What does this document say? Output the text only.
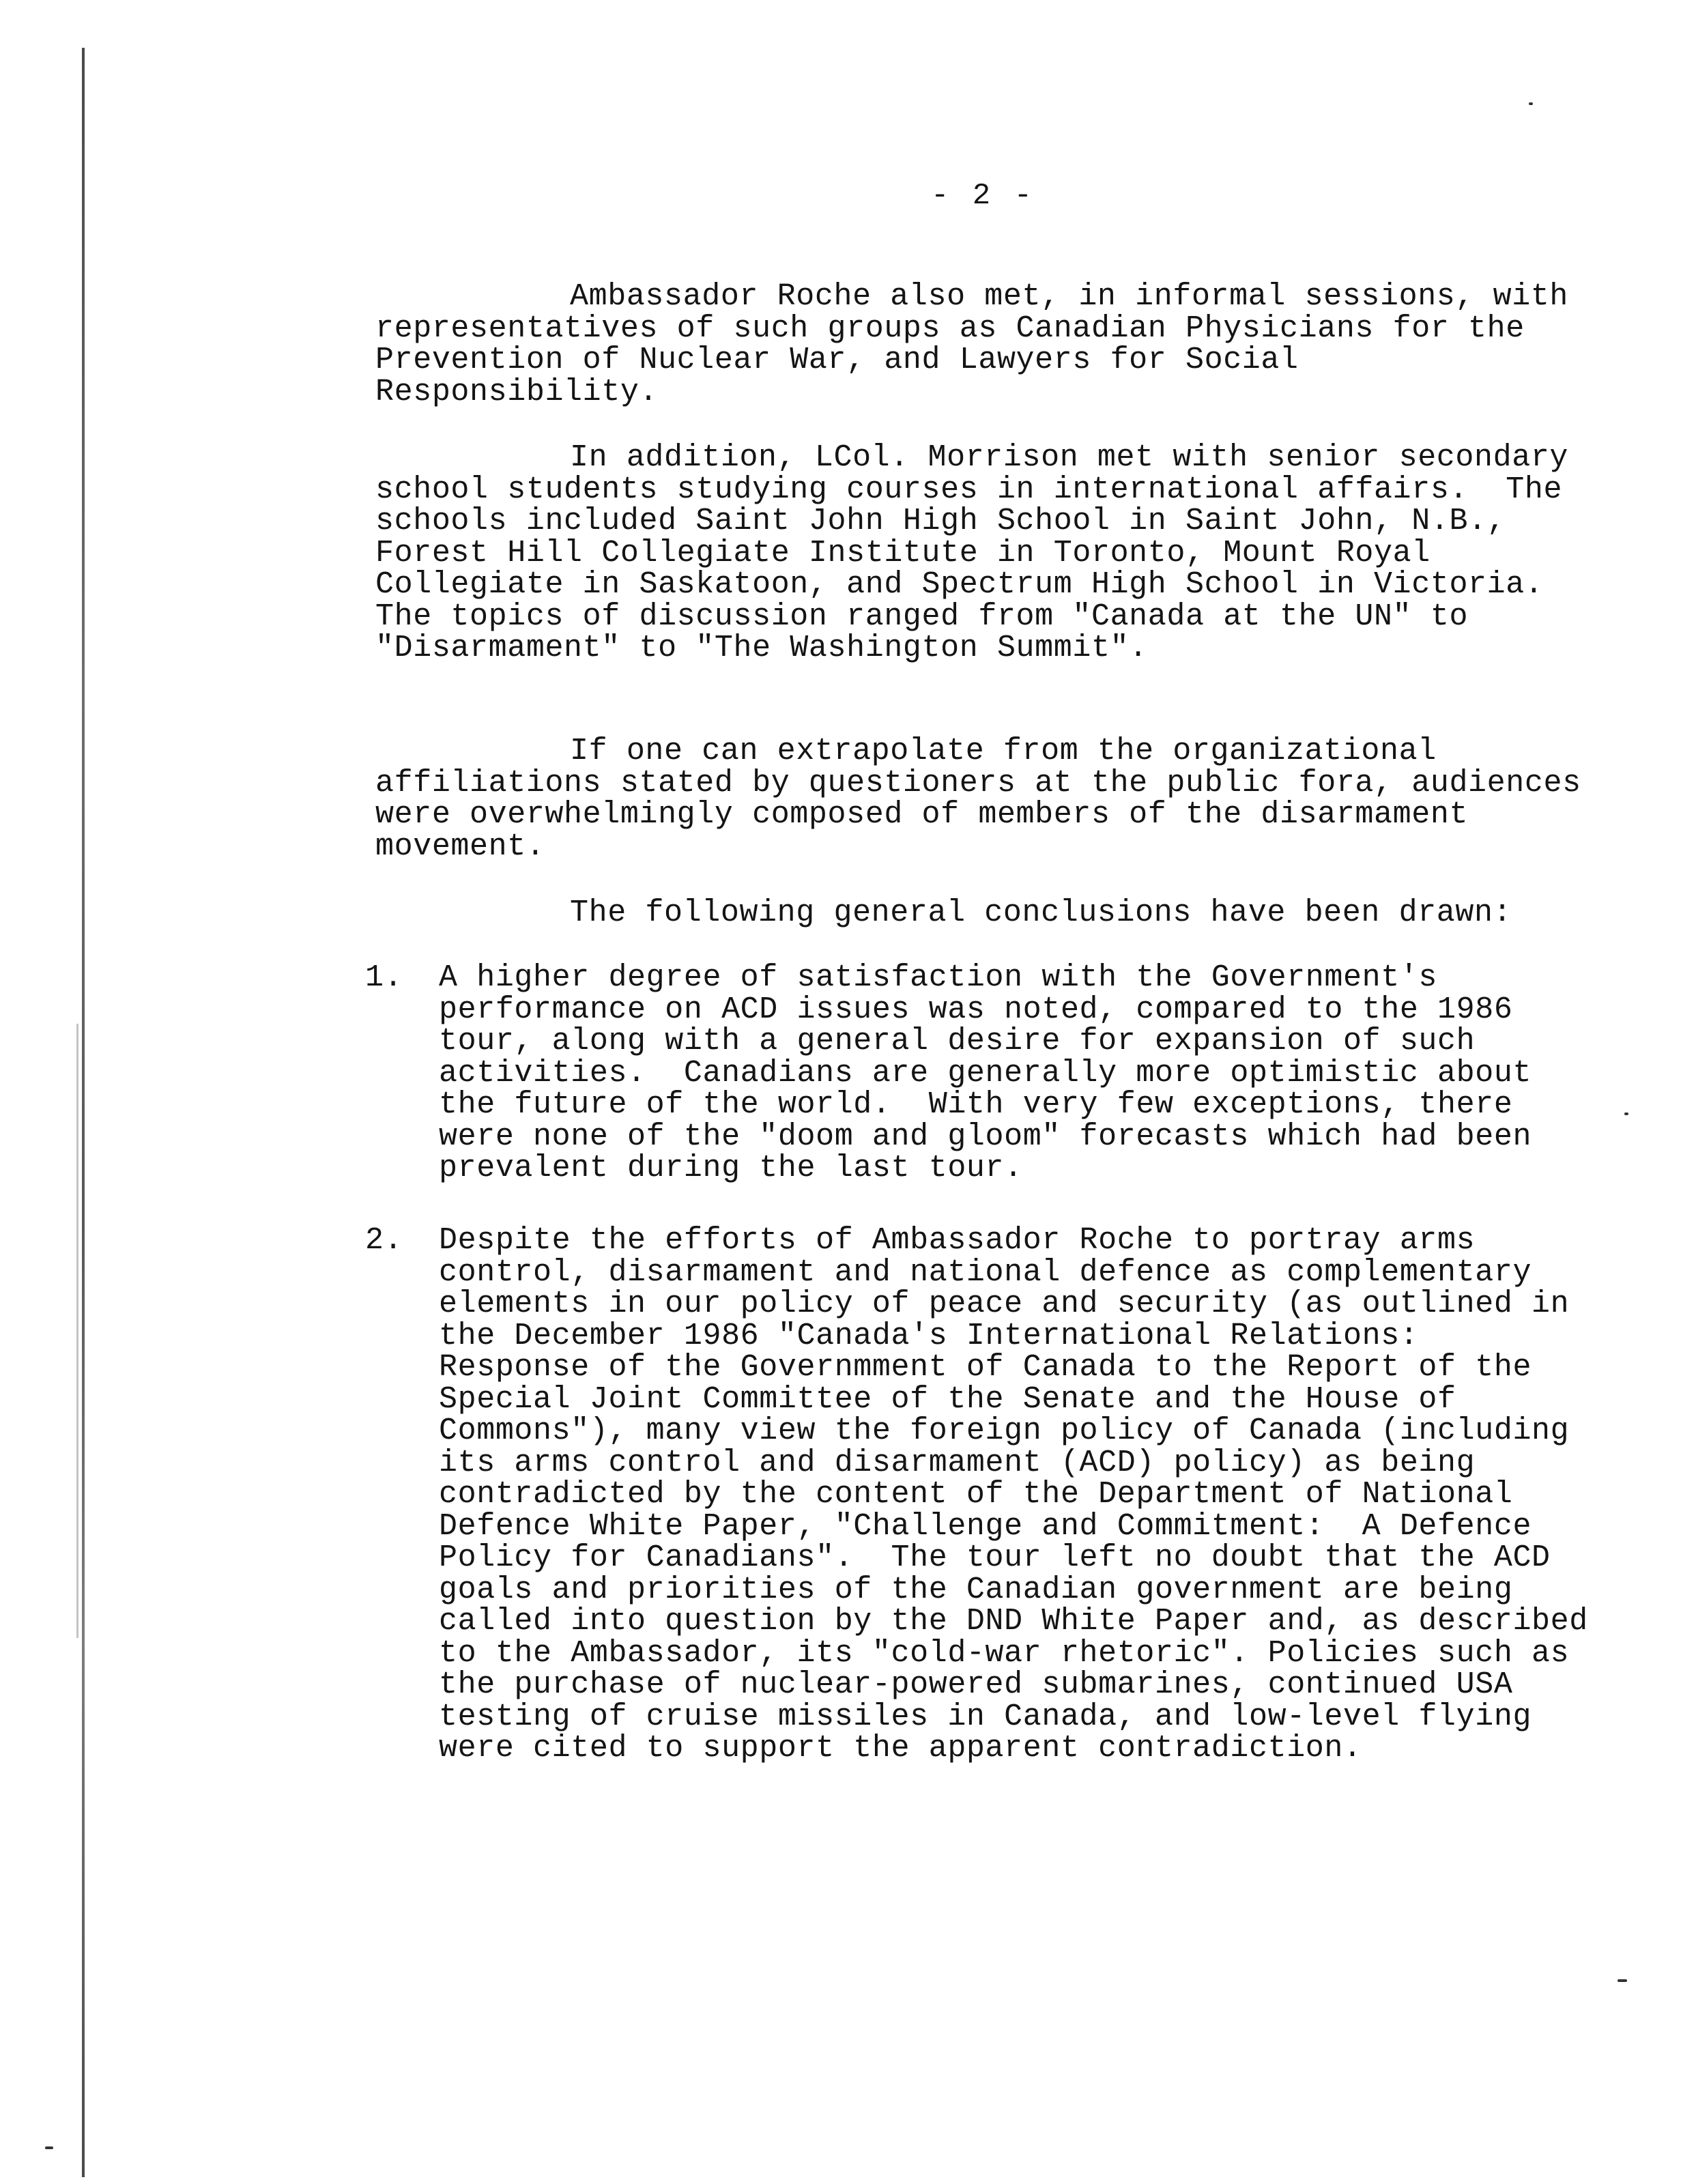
- 2 -

Ambassador Roche also met, in informal sessions, with representatives of such groups as Canadian Physicians for the Prevention of Nuclear War, and Lawyers for Social Responsibility.

In addition, LCol. Morrison met with senior secondary school students studying courses in international affairs.  The schools included Saint John High School in Saint John, N.B., Forest Hill Collegiate Institute in Toronto, Mount Royal Collegiate in Saskatoon, and Spectrum High School in Victoria.  The topics of discussion ranged from "Canada at the UN" to "Disarmament" to "The Washington Summit".

If one can extrapolate from the organizational affiliations stated by questioners at the public fora, audiences were overwhelmingly composed of members of the disarmament movement.

The following general conclusions have been drawn:

1.	A higher degree of satisfaction with the Government's performance on ACD issues was noted, compared to the 1986 tour, along with a general desire for expansion of such activities.  Canadians are generally more optimistic about the future of the world.  With very few exceptions, there were none of the "doom and gloom" forecasts which had been prevalent during the last tour.

2.	Despite the efforts of Ambassador Roche to portray arms control, disarmament and national defence as complementary elements in our policy of peace and security (as outlined in the December 1986 "Canada's International Relations:  Response of the Governmment of Canada to the Report of the Special Joint Committee of the Senate and the House of Commons"), many view the foreign policy of Canada (including its arms control and disarmament (ACD) policy) as being contradicted by the content of the Department of National Defence White Paper, "Challenge and Commitment:  A Defence Policy for Canadians".  The tour left no doubt that the ACD goals and priorities of the Canadian government are being called into question by the DND White Paper and, as described to the Ambassador, its "cold-war rhetoric". Policies such as the purchase of nuclear-powered submarines, continued USA testing of cruise missiles in Canada, and low-level flying were cited to support the apparent contradiction.
